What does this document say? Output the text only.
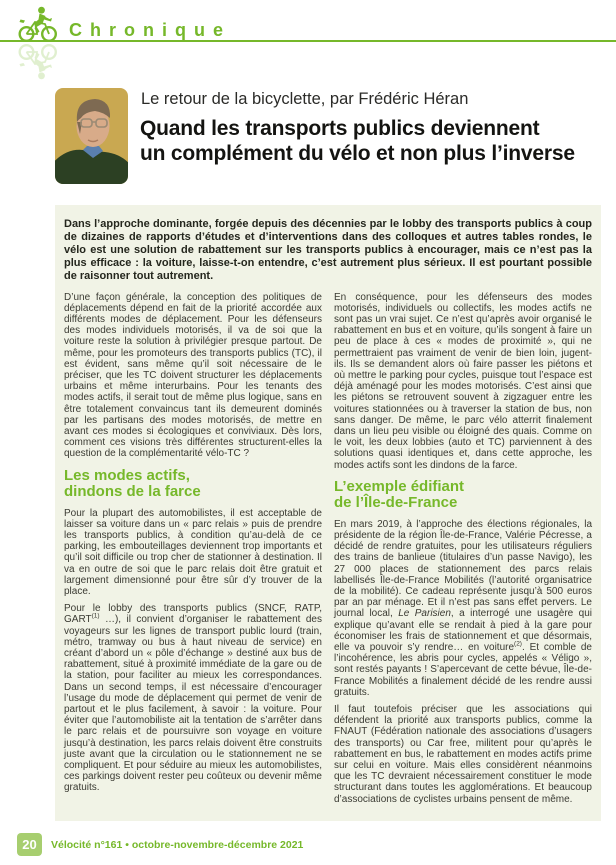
Chronique
Le retour de la bicyclette, par Frédéric Héran
Quand les transports publics deviennent
un complément du vélo et non plus l’inverse

Dans l’approche dominante, forgée depuis des décennies par le lobby des transports publics à coup de dizaines de rapports d’études et d’interventions dans des colloques et autres tables rondes, le vélo est une solution de rabattement sur les transports publics à encourager, mais ce n’est pas la plus efficace : la voiture, laisse-t-on entendre, c’est autrement plus sérieux. Il est pourtant possible de raisonner tout autrement.

D’une façon générale, la conception des politiques de déplacements dépend en fait de la priorité accordée aux différents modes de déplacement. Pour les défenseurs des modes individuels motorisés, il va de soi que la voiture reste la solution à privilégier presque partout. De même, pour les promoteurs des transports publics (TC), il est évident, sans même qu’il soit nécessaire de le préciser, que les TC doivent structurer les déplacements urbains et même interurbains. Pour les tenants des modes actifs, il serait tout de même plus logique, sans en être totalement convaincus tant ils demeurent dominés par les partisans des modes motorisés, de mettre en avant ces modes si écologiques et conviviaux. Dès lors, comment ces visions très différentes structurent-elles la question de la complémentarité vélo-TC ?

Les modes actifs,
dindons de la farce

Pour la plupart des automobilistes, il est acceptable de laisser sa voiture dans un « parc relais » puis de prendre les transports publics, à condition qu’au-delà de ce parking, les embouteillages deviennent trop importants et qu’il soit difficile ou trop cher de stationner à destination. Il va en outre de soi que le parc relais doit être gratuit et largement dimensionné pour être sûr d’y trouver de la place.

Pour le lobby des transports publics (SNCF, RATP, GART$^{(1)}$ …), il convient d’organiser le rabattement des voyageurs sur les lignes de transport public lourd (train, métro, tramway ou bus à haut niveau de service) en créant d’abord un « pôle d’échange » destiné aux bus de rabattement, situé à proximité immédiate de la gare ou de la station, pour faciliter au mieux les correspondances. Dans un second temps, il est nécessaire d’encourager l’usage du mode de déplacement qui permet de venir de partout et le plus facilement, à savoir : la voiture. Pour éviter que l’automobiliste ait la tentation de s’arrêter dans le parc relais et de poursuivre son voyage en voiture jusqu’à destination, les parcs relais doivent être construits juste avant que la circulation ou le stationnement ne se compliquent. Et pour séduire au mieux les automobilistes, ces parkings doivent rester peu coûteux ou devenir même gratuits.

En conséquence, pour les défenseurs des modes motorisés, individuels ou collectifs, les modes actifs ne sont pas un vrai sujet. Ce n’est qu’après avoir organisé le rabattement en bus et en voiture, qu’ils songent à faire un peu de place à ces « modes de proximité », qui ne permettraient pas vraiment de venir de bien loin, jugent-ils. Ils se demandent alors où faire passer les piétons et où mettre le parking pour cycles, puisque tout l’espace est déjà aménagé pour les modes motorisés. C’est ainsi que les piétons se retrouvent souvent à zigzaguer entre les voitures stationnées ou à traverser la station de bus, non sans danger. De même, le parc vélo atterrit finalement dans un lieu peu visible ou éloigné des quais. Comme on le voit, les deux lobbies (auto et TC) parviennent à des solutions quasi identiques et, dans cette approche, les modes actifs sont les dindons de la farce.

L’exemple édifiant
de l’Île-de-France

En mars 2019, à l’approche des élections régionales, la présidente de la région Île-de-France, Valérie Pécresse, a décidé de rendre gratuites, pour les utilisateurs réguliers des trains de banlieue (titulaires d’un passe Navigo), les 27 000 places de stationnement des parcs relais labellisés Île-de-France Mobilités (l’autorité organisatrice de la mobilité). Ce cadeau représente jusqu’à 500 euros par an par ménage. Et il n’est pas sans effet pervers. Le journal local, Le Parisien, a interrogé une usagère qui explique qu’avant elle se rendait à pied à la gare pour économiser les frais de stationnement et que désormais, elle va pouvoir s’y rendre… en voiture$^{(2)}$. Et comble de l’incohérence, les abris pour cycles, appelés « Véligo », sont restés payants ! S’apercevant de cette bévue, Île-de-France Mobilités a finalement décidé de les rendre aussi gratuits.

Il faut toutefois préciser que les associations qui défendent la priorité aux transports publics, comme la FNAUT (Fédération nationale des associations d’usagers des transports) ou Car free, militent pour qu’après le rabattement en bus, le rabattement en modes actifs prime sur celui en voiture. Mais elles considèrent néanmoins que les TC devraient nécessairement constituer le mode structurant dans toutes les agglomérations. Et beaucoup d’associations de cyclistes urbains pensent de même.

20	Vélocité n°161 • octobre-novembre-décembre 2021
